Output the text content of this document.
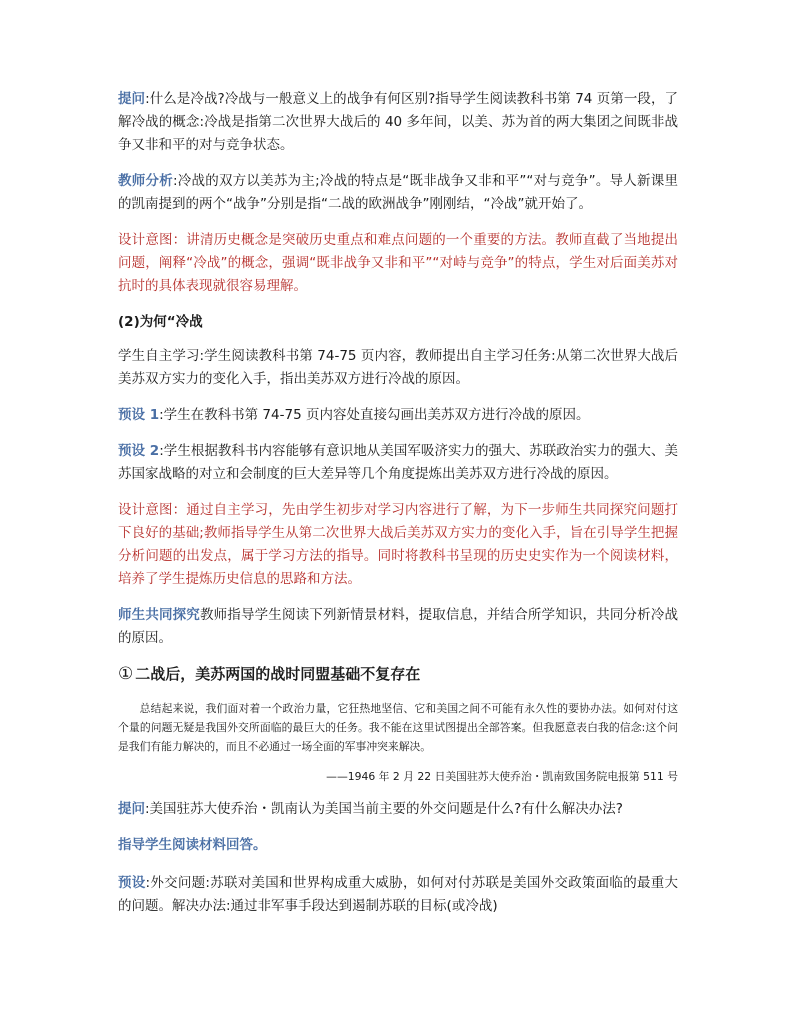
提问:什么是冷战?冷战与一般意义上的战争有何区别?指导学生阅读教科书第 74 页第一段，了解冷战的概念:冷战是指第二次世界大战后的 40 多年间，以美、苏为首的两大集团之间既非战争又非和平的对与竞争状态。

教师分析:冷战的双方以美苏为主;冷战的特点是“既非战争又非和平”“对与竞争”。导人新课里的凯南提到的两个“战争”分别是指“二战的欧洲战争”刚刚结，“冷战”就开始了。

设计意图：讲清历史概念是突破历史重点和难点问题的一个重要的方法。教师直截了当地提出问题，阐释“冷战”的概念，强调“既非战争又非和平”“对峙与竞争”的特点，学生对后面美苏对抗时的具体表现就很容易理解。

(2)为何“冷战

学生自主学习:学生阅读教科书第 74-75 页内容，教师提出自主学习任务:从第二次世界大战后美苏双方实力的变化入手，指出美苏双方进行冷战的原因。

预设 1:学生在教科书第 74-75 页内容处直接勾画出美苏双方进行冷战的原因。

预设 2:学生根据教科书内容能够有意识地从美国军吸济实力的强大、苏联政治实力的强大、美苏国家战略的对立和会制度的巨大差异等几个角度提炼出美苏双方进行冷战的原因。

设计意图：通过自主学习，先由学生初步对学习内容进行了解，为下一步师生共同探究问题打下良好的基础;教师指导学生从第二次世界大战后美苏双方实力的变化入手，旨在引导学生把握分析问题的出发点，属于学习方法的指导。同时将教科书呈现的历史史实作为一个阅读材料，培养了学生提炼历史信息的思路和方法。

师生共同探究教师指导学生阅读下列新情景材料，提取信息，并结合所学知识，共同分析冷战的原因。

① 二战后，美苏两国的战时同盟基础不复存在

总结起来说，我们面对着一个政治力量，它狂热地坚信、它和美国之间不可能有永久性的要协办法。如何对付这个量的问题无疑是我国外交所面临的最巨大的任务。我不能在这里试图提出全部答案。但我愿意表白我的信念:这个问是我们有能力解决的，而且不必通过一场全面的军事冲突来解决。

——1946 年 2 月 22 日美国驻苏大使乔治・凯南致国务院电报第 511 号

提问:美国驻苏大使乔治・凯南认为美国当前主要的外交问题是什么?有什么解决办法?

指导学生阅读材料回答。

预设:外交问题:苏联对美国和世界构成重大威胁，如何对付苏联是美国外交政策面临的最重大的问题。解决办法:通过非军事手段达到遏制苏联的目标(或冷战)
